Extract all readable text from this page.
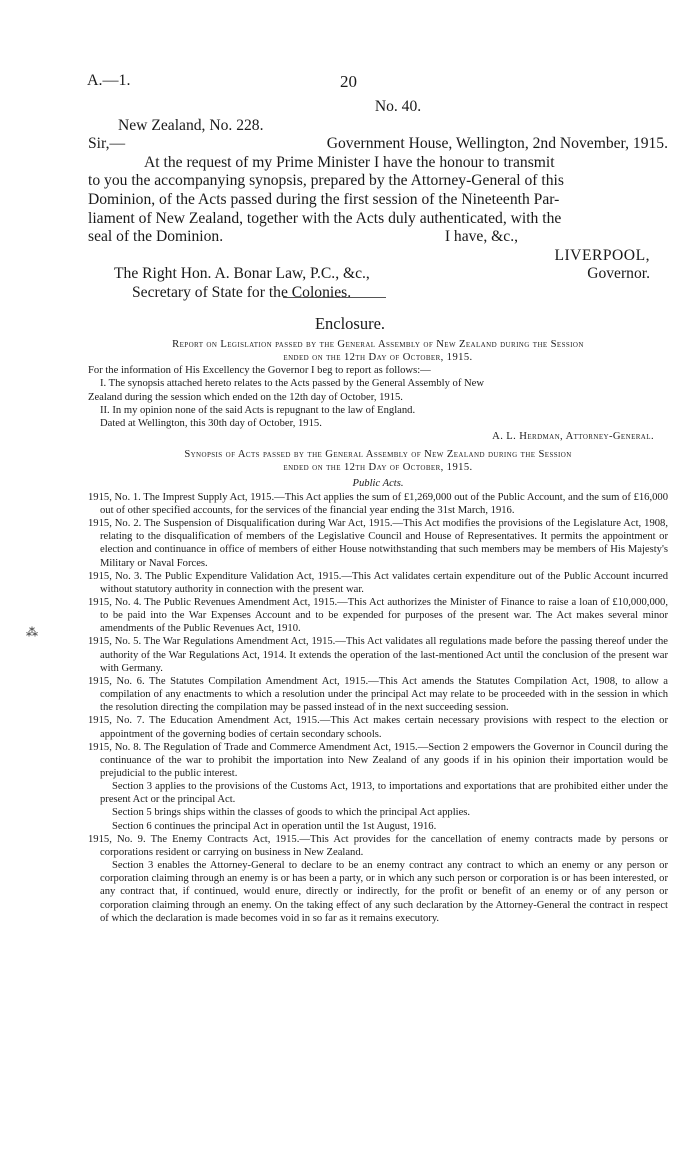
A.—1.	20
No. 40.
New Zealand, No. 228.
Sir,—	Government House, Wellington, 2nd November, 1915.
At the request of my Prime Minister I have the honour to transmit
to you the accompanying synopsis, prepared by the Attorney-General of this
Dominion, of the Acts passed during the first session of the Nineteenth Par-
liament of New Zealand, together with the Acts duly authenticated, with the
seal of the Dominion.	I have, &c.,
LIVERPOOL,
The Right Hon. A. Bonar Law, P.C., &c.,	Governor.
Secretary of State for the Colonies.
Enclosure.
Report on Legislation passed by the General Assembly of New Zealand during the Session
ended on the 12th Day of October, 1915.
For the information of His Excellency the Governor I beg to report as follows:—
I. The synopsis attached hereto relates to the Acts passed by the General Assembly of New
Zealand during the session which ended on the 12th day of October, 1915.
II. In my opinion none of the said Acts is repugnant to the law of England.
Dated at Wellington, this 30th day of October, 1915.
A. L. Herdman, Attorney-General.
Synopsis of Acts passed by the General Assembly of New Zealand during the Session
ended on the 12th Day of October, 1915.
Public Acts.
1915, No. 1. The Imprest Supply Act, 1915.—This Act applies the sum of £1,269,000 out of the Public Account, and the sum of £16,000 out of other specified accounts, for the services of the financial year ending the 31st March, 1916.
1915, No. 2. The Suspension of Disqualification during War Act, 1915.—This Act modifies the provisions of the Legislature Act, 1908, relating to the disqualification of members of the Legislative Council and House of Representatives. It permits the appointment or election and continuance in office of members of either House notwithstanding that such members may be members of His Majesty's Military or Naval Forces.
1915, No. 3. The Public Expenditure Validation Act, 1915.—This Act validates certain expenditure out of the Public Account incurred without statutory authority in connection with the present war.
1915, No. 4. The Public Revenues Amendment Act, 1915.—This Act authorizes the Minister of Finance to raise a loan of £10,000,000, to be paid into the War Expenses Account and to be expended for purposes of the present war. The Act makes several minor amendments of the Public Revenues Act, 1910.
1915, No. 5. The War Regulations Amendment Act, 1915.—This Act validates all regulations made before the passing thereof under the authority of the War Regulations Act, 1914. It extends the operation of the last-mentioned Act until the conclusion of the present war with Germany.
1915, No. 6. The Statutes Compilation Amendment Act, 1915.—This Act amends the Statutes Compilation Act, 1908, to allow a compilation of any enactments to which a resolution under the principal Act may relate to be proceeded with in the session in which the resolution directing the compilation may be passed instead of in the next succeeding session.
1915, No. 7. The Education Amendment Act, 1915.—This Act makes certain necessary provisions with respect to the election or appointment of the governing bodies of certain secondary schools.
1915, No. 8. The Regulation of Trade and Commerce Amendment Act, 1915.—Section 2 empowers the Governor in Council during the continuance of the war to prohibit the importation into New Zealand of any goods if in his opinion their importation would be prejudicial to the public interest.
Section 3 applies to the provisions of the Customs Act, 1913, to importations and exportations that are prohibited either under the present Act or the principal Act.
Section 5 brings ships within the classes of goods to which the principal Act applies.
Section 6 continues the principal Act in operation until the 1st August, 1916.
1915, No. 9. The Enemy Contracts Act, 1915.—This Act provides for the cancellation of enemy contracts made by persons or corporations resident or carrying on business in New Zealand.
Section 3 enables the Attorney-General to declare to be an enemy contract any contract to which an enemy or any person or corporation claiming through an enemy is or has been a party, or in which any such person or corporation is or has been interested, or any contract that, if continued, would enure, directly or indirectly, for the profit or benefit of an enemy or of any person or corporation claiming through an enemy. On the taking effect of any such declaration by the Attorney-General the contract in respect of which the declaration is made becomes void in so far as it remains executory.
⁂
